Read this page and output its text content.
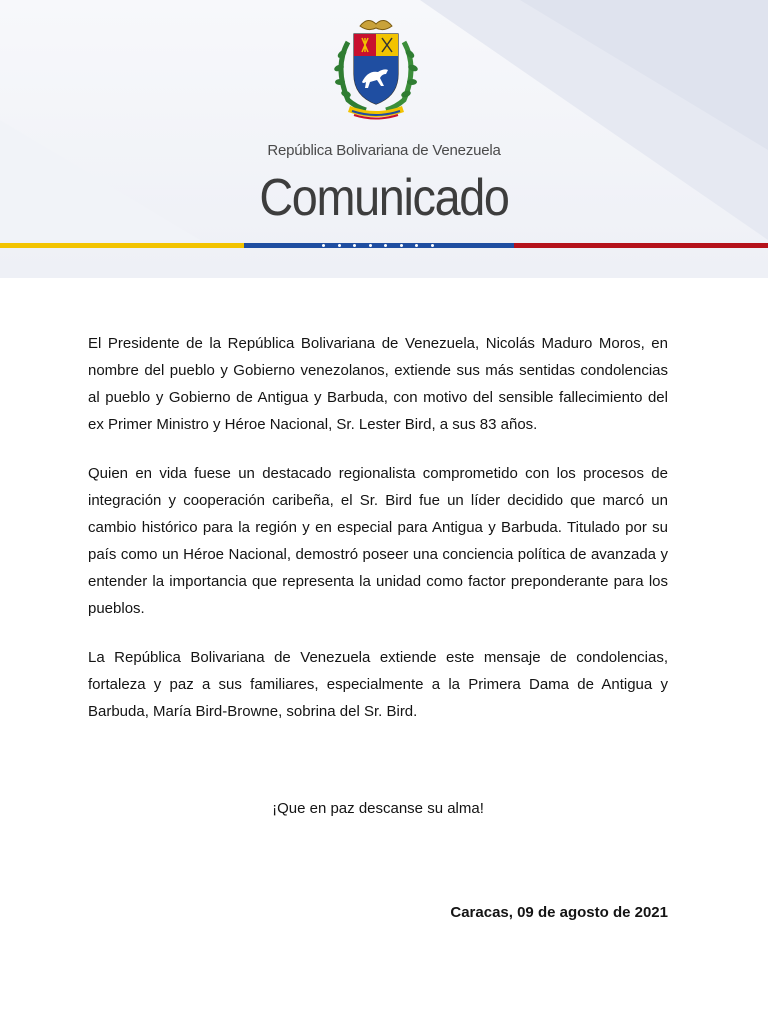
República Bolivariana de Venezuela
Comunicado

El Presidente de la República Bolivariana de Venezuela, Nicolás Maduro Moros, en nombre del pueblo y Gobierno venezolanos, extiende sus más sentidas condolencias al pueblo y Gobierno de Antigua y Barbuda, con motivo del sensible fallecimiento del ex Primer Ministro y Héroe Nacional, Sr. Lester Bird, a sus 83 años.

Quien en vida fuese un destacado regionalista comprometido con los procesos de integración y cooperación caribeña, el Sr. Bird fue un líder decidido que marcó un cambio histórico para la región y en especial para Antigua y Barbuda. Titulado por su país como un Héroe Nacional, demostró poseer una conciencia política de avanzada y entender la importancia que representa la unidad como factor preponderante para los pueblos.

La República Bolivariana de Venezuela extiende este mensaje de condolencias, fortaleza y paz a sus familiares, especialmente a la Primera Dama de Antigua y Barbuda, María Bird-Browne, sobrina del Sr. Bird.

¡Que en paz descanse su alma!
Caracas, 09 de agosto de 2021
